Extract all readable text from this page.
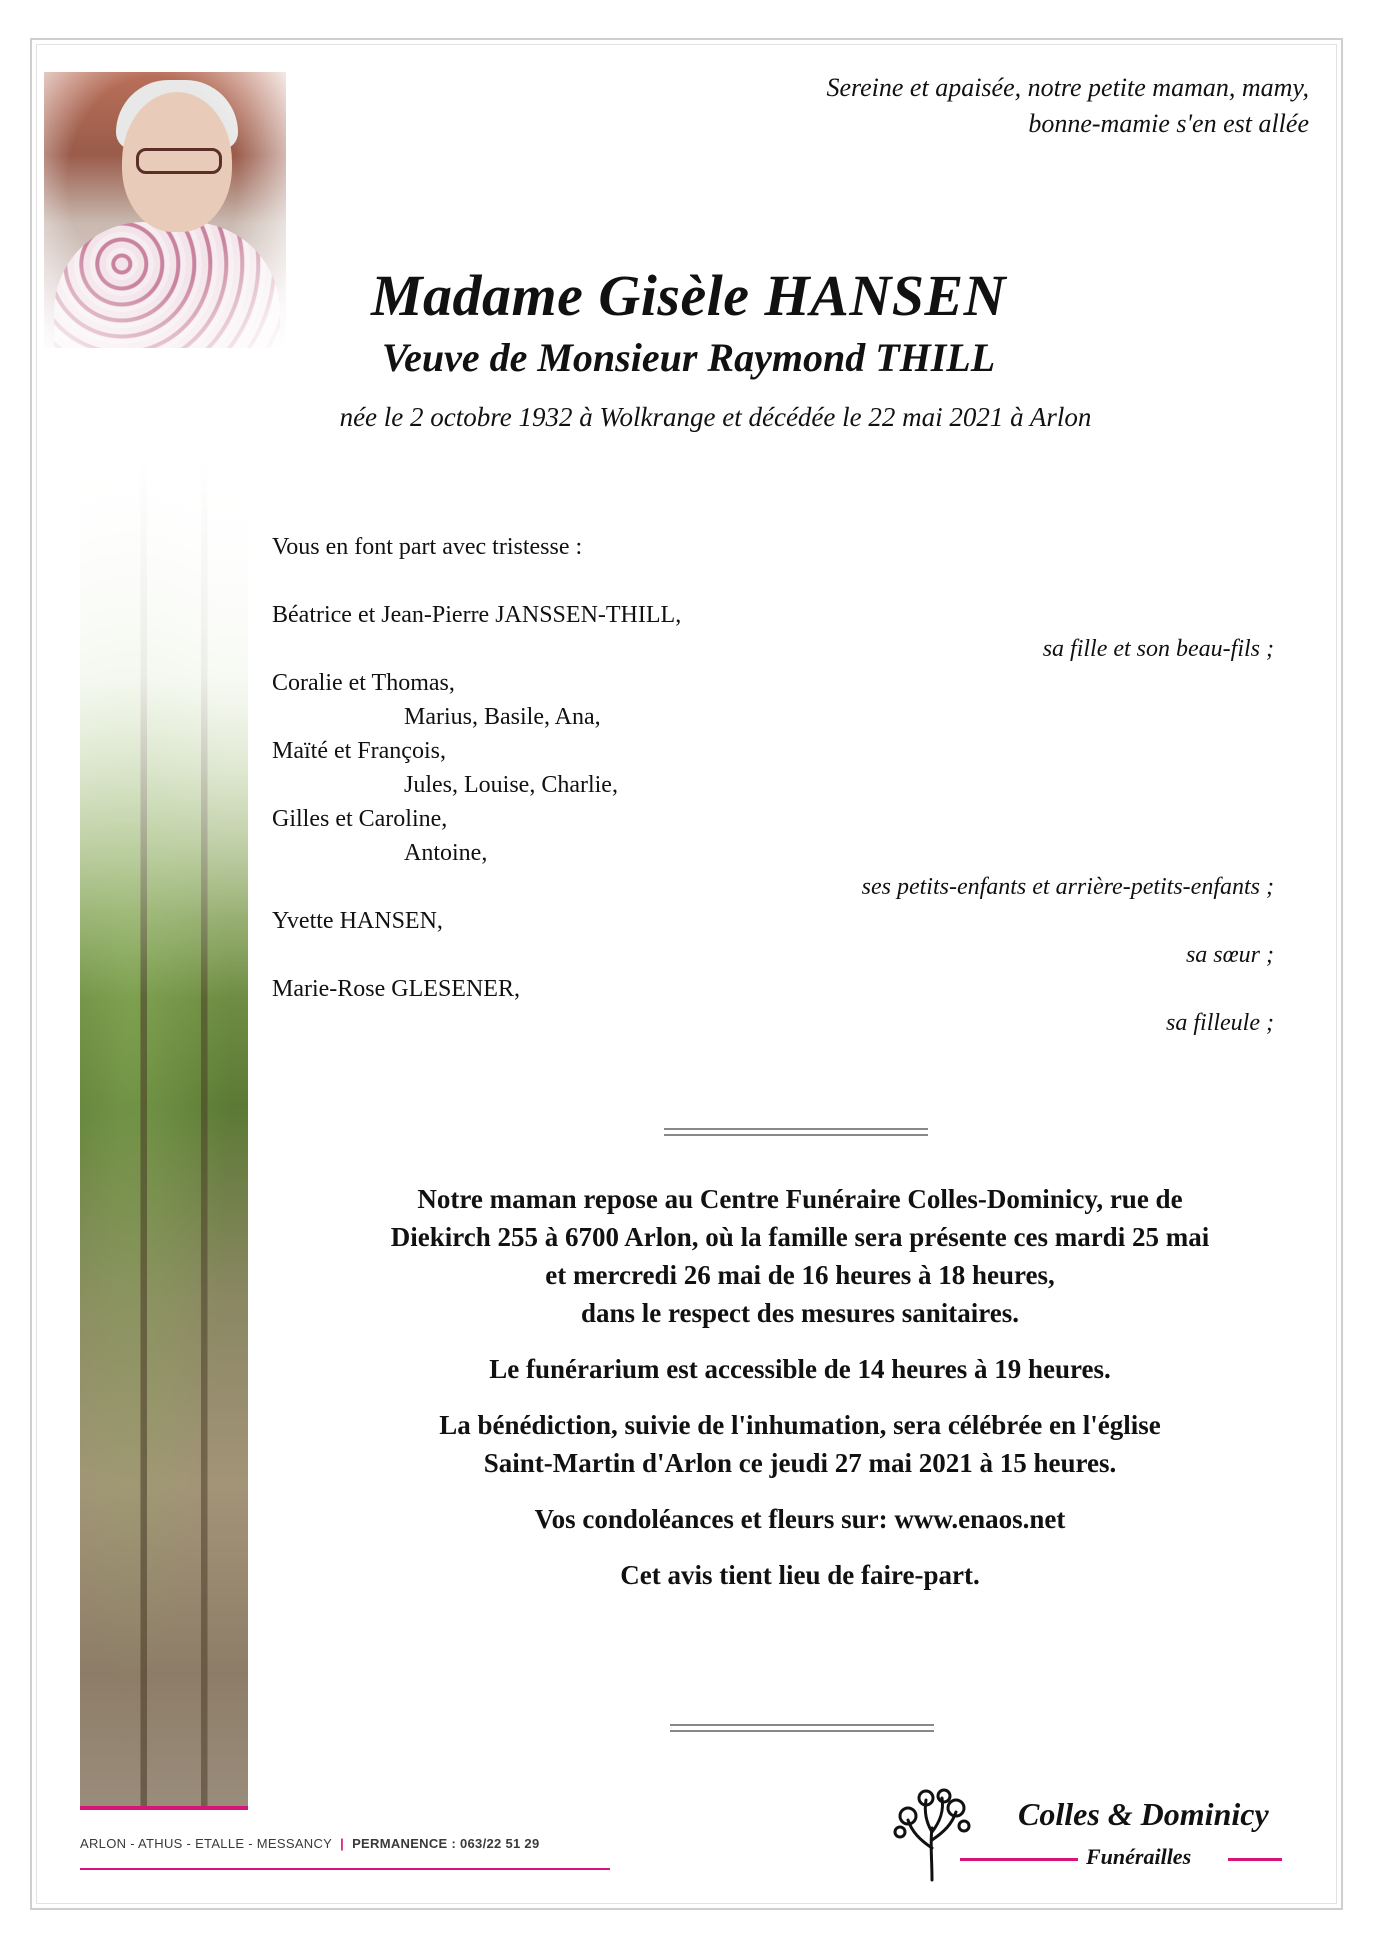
Sereine et apaisée, notre petite maman, mamy,
bonne-mamie s'en est allée
Madame Gisèle HANSEN
Veuve de Monsieur Raymond THILL
née le 2 octobre 1932 à Wolkrange et décédée le 22 mai 2021 à Arlon
Vous en font part avec tristesse :
Béatrice et Jean-Pierre JANSSEN-THILL,
sa fille et son beau-fils ;
Coralie et Thomas,
Marius, Basile, Ana,
Maïté et François,
Jules, Louise, Charlie,
Gilles et Caroline,
Antoine,
ses petits-enfants et arrière-petits-enfants ;
Yvette HANSEN,
sa sœur ;
Marie-Rose GLESENER,
sa filleule ;

Notre maman repose au Centre Funéraire Colles-Dominicy, rue de
Diekirch 255 à 6700 Arlon, où la famille sera présente ces mardi 25 mai
et mercredi 26 mai de 16 heures à 18 heures,
dans le respect des mesures sanitaires.

Le funérarium est accessible de 14 heures à 19 heures.

La bénédiction, suivie de l'inhumation, sera célébrée en l'église
Saint-Martin d'Arlon ce jeudi 27 mai 2021 à 15 heures.

Vos condoléances et fleurs sur: www.enaos.net

Cet avis tient lieu de faire-part.

ARLON - ATHUS - ETALLE - MESSANCY | PERMANENCE : 063/22 51 29
Colles & Dominicy
Funérailles
